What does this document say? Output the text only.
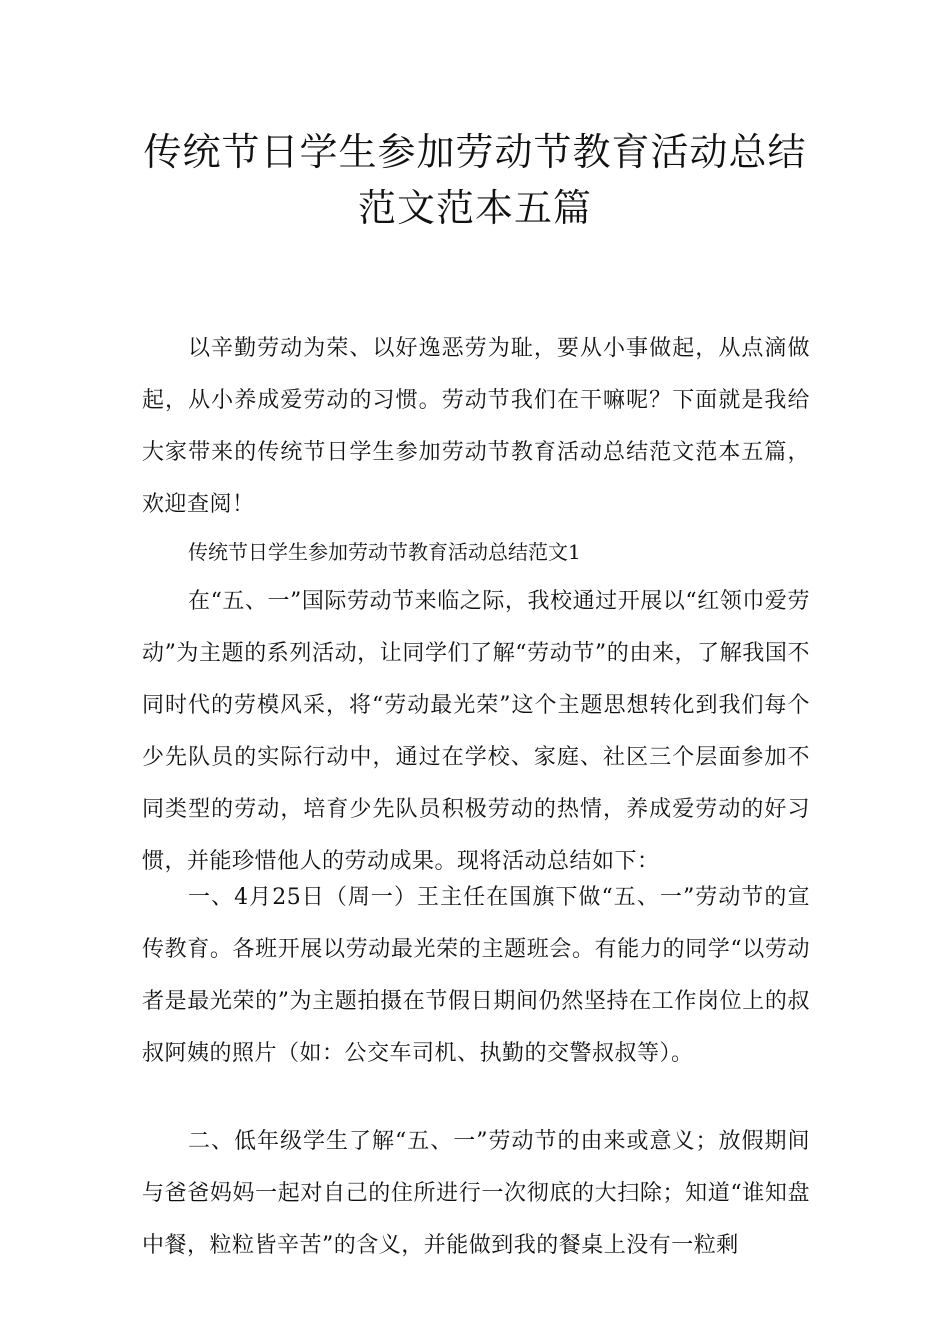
传统节日学生参加劳动节教育活动总结
范文范本五篇

以辛勤劳动为荣、以好逸恶劳为耻，要从小事做起，从点滴做起，从小养成爱劳动的习惯。劳动节我们在干嘛呢？下面就是我给大家带来的传统节日学生参加劳动节教育活动总结范文范本五篇，欢迎查阅！

传统节日学生参加劳动节教育活动总结范文1

在“五、一”国际劳动节来临之际，我校通过开展以“红领巾爱劳动”为主题的系列活动，让同学们了解“劳动节”的由来，了解我国不同时代的劳模风采，将“劳动最光荣”这个主题思想转化到我们每个少先队员的实际行动中，通过在学校、家庭、社区三个层面参加不同类型的劳动，培育少先队员积极劳动的热情，养成爱劳动的好习惯，并能珍惜他人的劳动成果。现将活动总结如下：

一、4月25日（周一）王主任在国旗下做“五、一”劳动节的宣传教育。各班开展以劳动最光荣的主题班会。有能力的同学“以劳动者是最光荣的”为主题拍摄在节假日期间仍然坚持在工作岗位上的叔叔阿姨的照片（如：公交车司机、执勤的交警叔叔等）。

二、低年级学生了解“五、一”劳动节的由来或意义；放假期间与爸爸妈妈一起对自己的住所进行一次彻底的大扫除；知道“谁知盘中餐，粒粒皆辛苦”的含义，并能做到我的餐桌上没有一粒剩
